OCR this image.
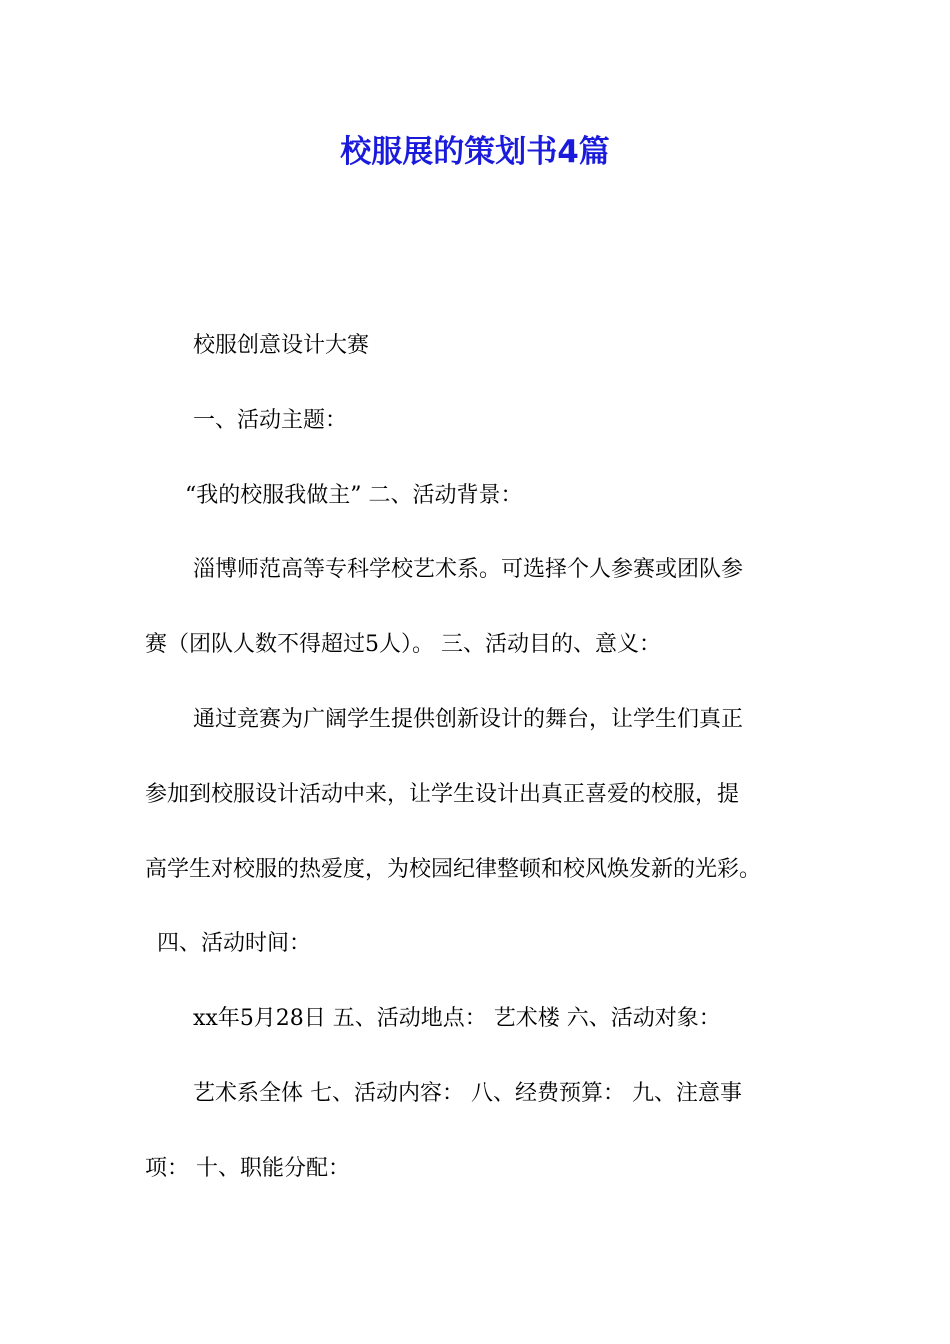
校服展的策划书4篇
校服创意设计大赛
一、活动主题：
“我的校服我做主” 二、活动背景：
淄博师范高等专科学校艺术系。可选择个人参赛或团队参
赛（团队人数不得超过5人）。 三、活动目的、意义：
通过竞赛为广阔学生提供创新设计的舞台，让学生们真正
参加到校服设计活动中来，让学生设计出真正喜爱的校服，提
高学生对校服的热爱度，为校园纪律整顿和校风焕发新的光彩。
四、活动时间：
xx年5月28日 五、活动地点： 艺术楼 六、活动对象：
艺术系全体 七、活动内容： 八、经费预算： 九、注意事
项： 十、职能分配：
